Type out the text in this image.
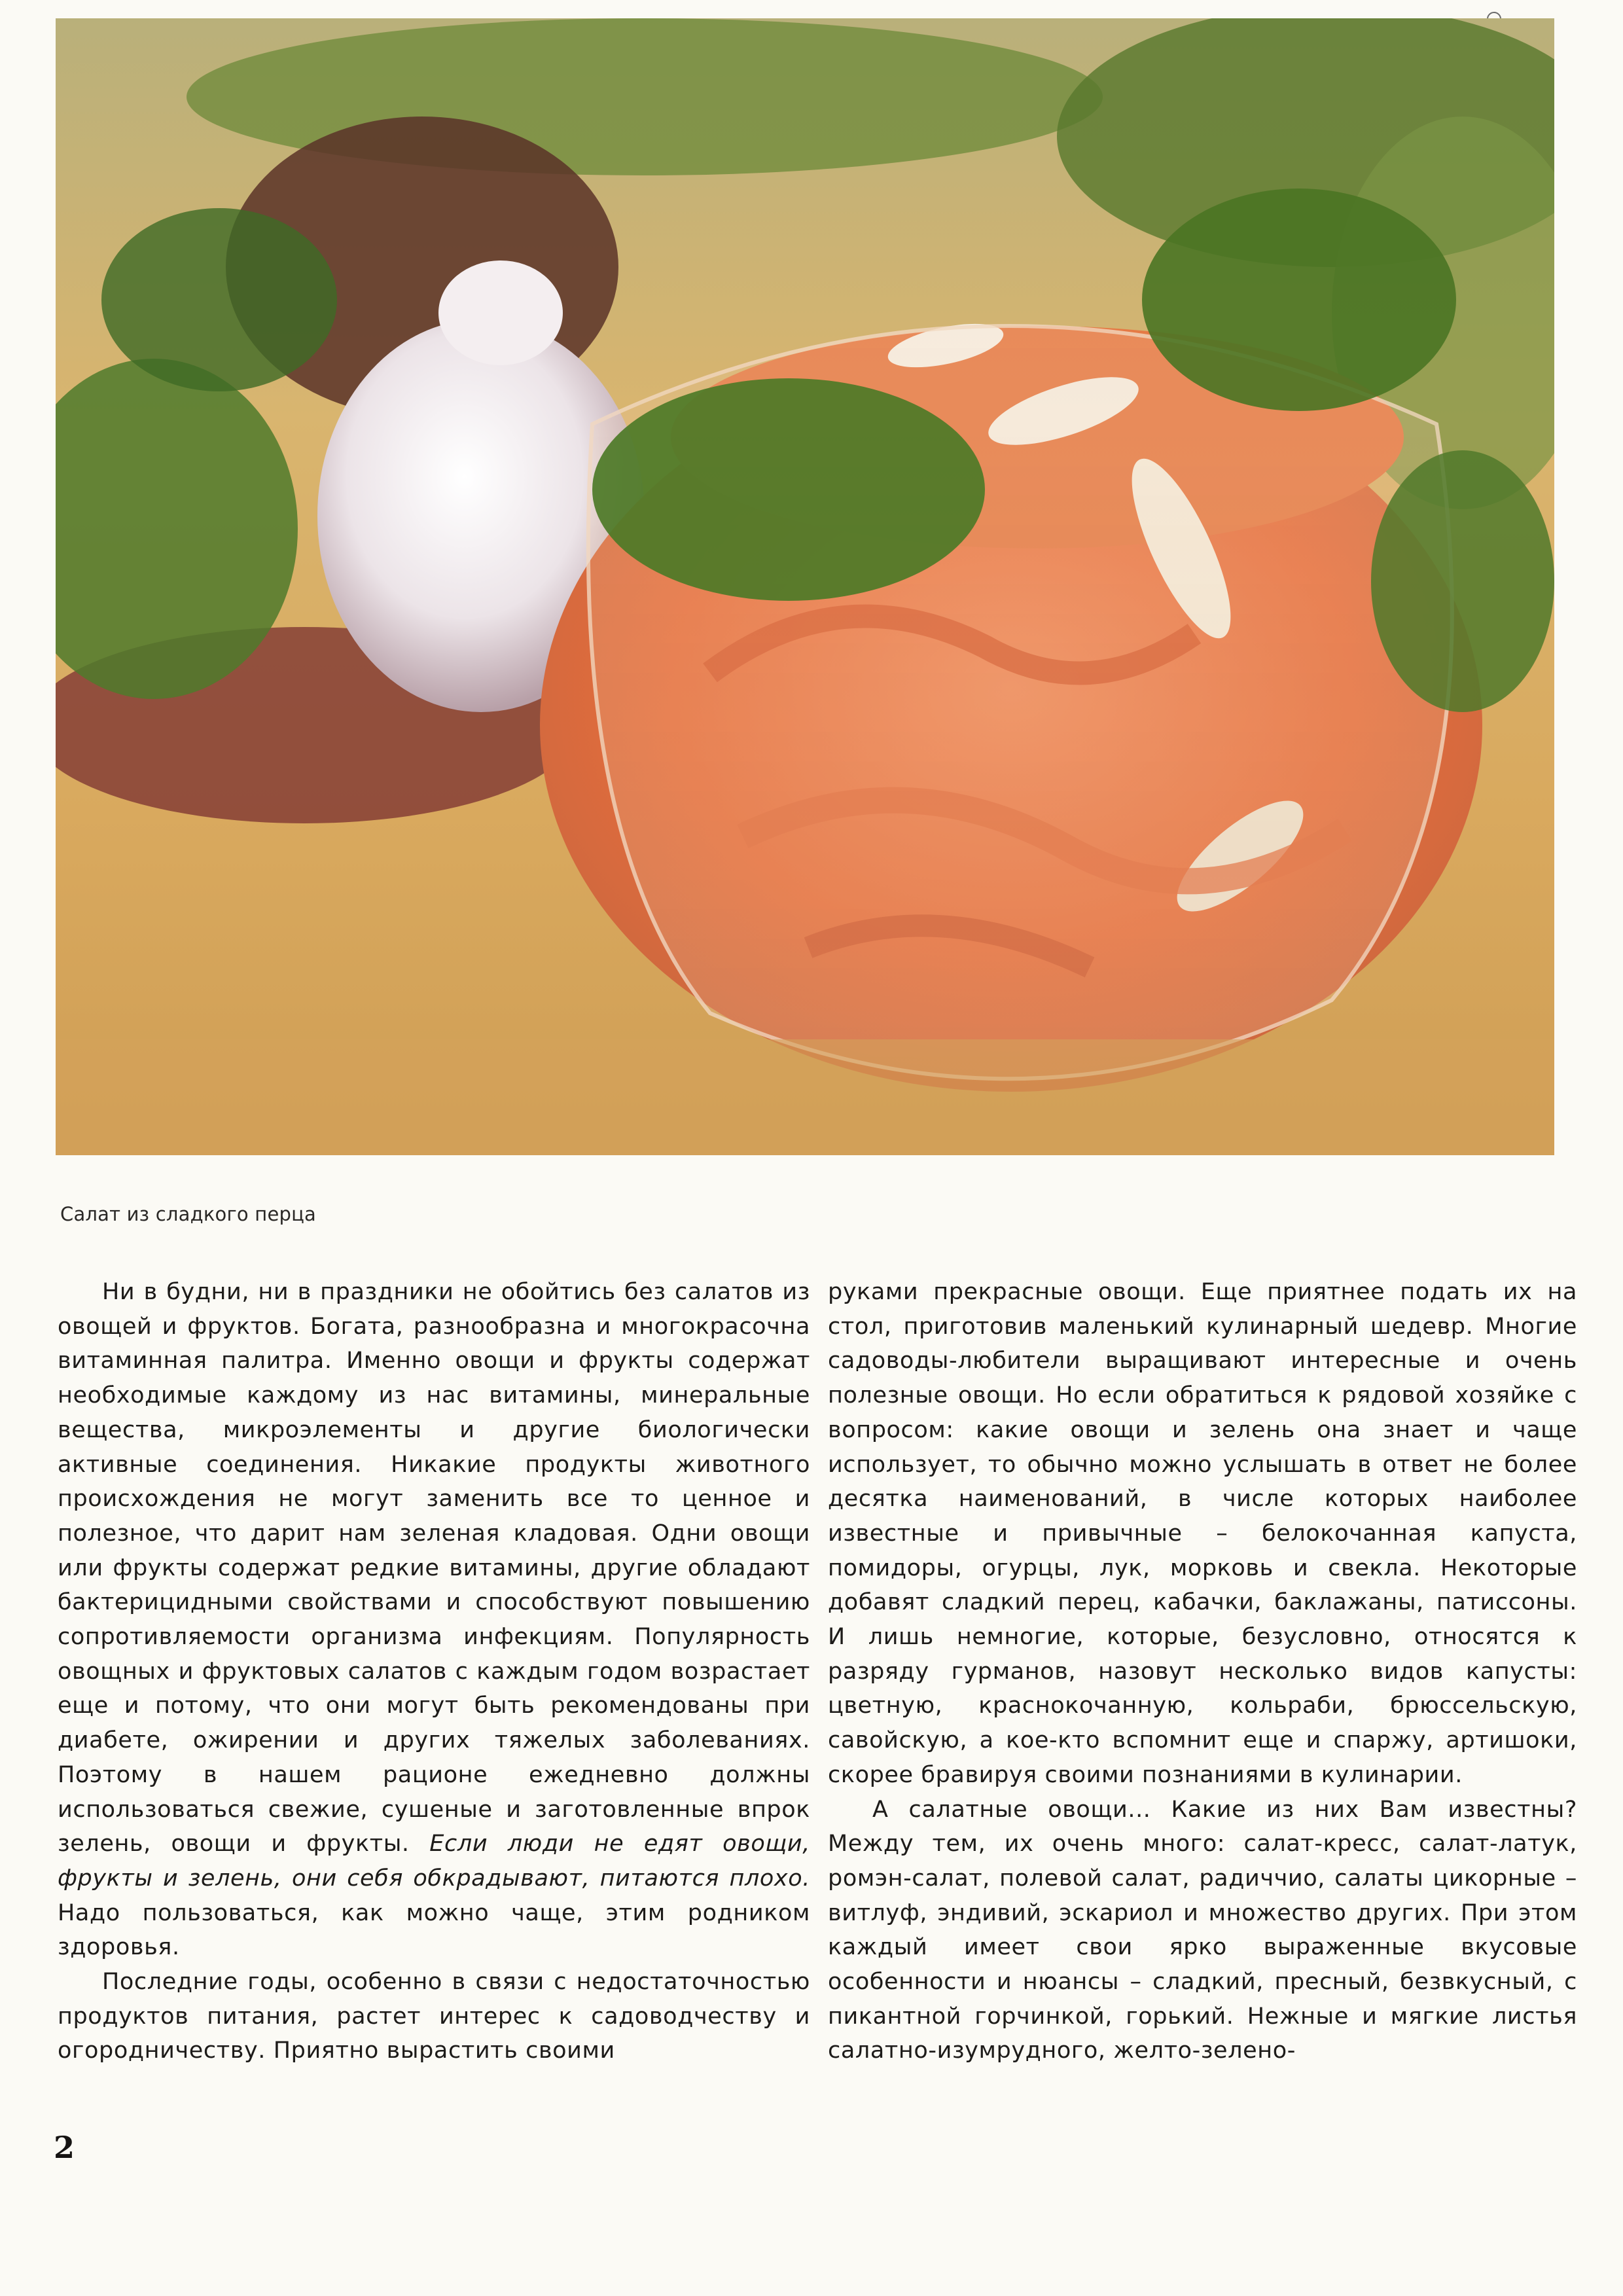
Салат из сладкого перца

Ни в будни, ни в праздники не обойтись без салатов из овощей и фруктов. Богата, разнообразна и многокрасочна витаминная палитра. Именно овощи и фрукты содержат необходимые каждому из нас витамины, минеральные вещества, микроэлементы и другие биологически активные соединения. Никакие продукты животного происхождения не могут заменить все то ценное и полезное, что дарит нам зеленая кладовая. Одни овощи или фрукты содержат редкие витамины, другие обладают бактерицидными свойствами и способствуют повышению сопротивляемости организма инфекциям. Популярность овощных и фруктовых салатов с каждым годом возрастает еще и потому, что они могут быть рекомендованы при диабете, ожирении и других тяжелых заболеваниях. Поэтому в нашем рационе ежедневно должны использоваться свежие, сушеные и заготовленные впрок зелень, овощи и фрукты. Если люди не едят овощи, фрукты и зелень, они себя обкрадывают, питаются плохо. Надо пользоваться, как можно чаще, этим родником здоровья.

Последние годы, особенно в связи с недостаточностью продуктов питания, растет интерес к садоводчеству и огородничеству. Приятно вырастить своими

руками прекрасные овощи. Еще приятнее подать их на стол, приготовив маленький кулинарный шедевр. Многие садоводы-любители выращивают интересные и очень полезные овощи. Но если обратиться к рядовой хозяйке с вопросом: какие овощи и зелень она знает и чаще использует, то обычно можно услышать в ответ не более десятка наименований, в числе которых наиболее известные и привычные – белокочанная капуста, помидоры, огурцы, лук, морковь и свекла. Некоторые добавят сладкий перец, кабачки, баклажаны, патиссоны. И лишь немногие, которые, безусловно, относятся к разряду гурманов, назовут несколько видов капусты: цветную, краснокочанную, кольраби, брюссельскую, савойскую, а кое-кто вспомнит еще и спаржу, артишоки, скорее бравируя своими познаниями в кулинарии.

А салатные овощи... Какие из них Вам известны? Между тем, их очень много: салат-кресс, салат-латук, ромэн-салат, полевой салат, радиччио, салаты цикорные – витлуф, эндивий, эскариол и множество других. При этом каждый имеет свои ярко выраженные вкусовые особенности и нюансы – сладкий, пресный, безвкусный, с пикантной горчинкой, горький. Нежные и мягкие листья салатно-изумрудного, желто-зелено-

2
